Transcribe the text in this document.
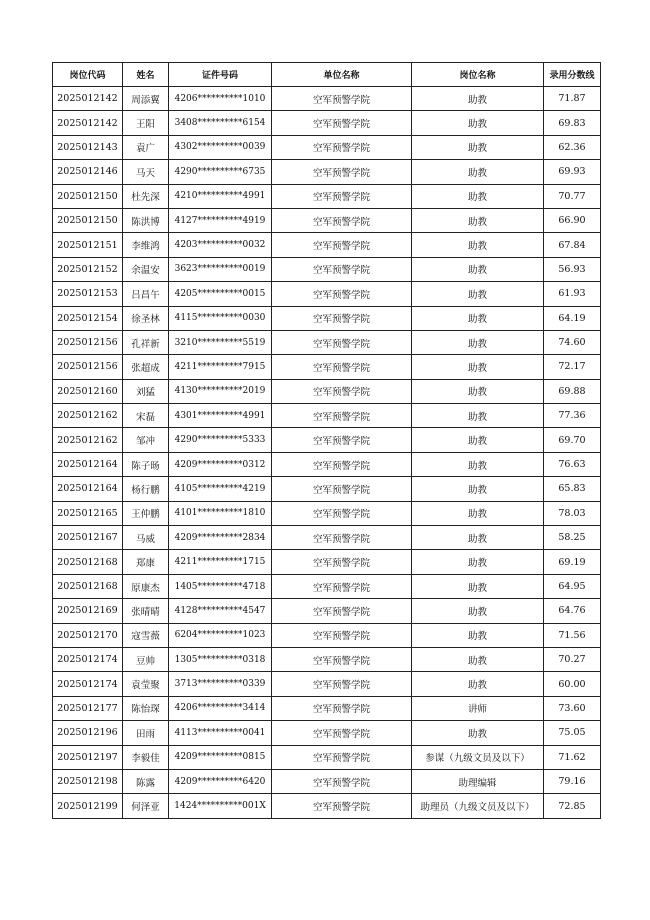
岗位代码	姓名	证件号码	单位名称	岗位名称	录用分数线
2025012142	周添翼	4206**********1010	空军预警学院	助教	71.87
2025012142	王阳	3408**********6154	空军预警学院	助教	69.83
2025012143	袁广	4302**********0039	空军预警学院	助教	62.36
2025012146	马天	4290**********6735	空军预警学院	助教	69.93
2025012150	杜先深	4210**********4991	空军预警学院	助教	70.77
2025012150	陈洪博	4127**********4919	空军预警学院	助教	66.90
2025012151	李维鸿	4203**********0032	空军预警学院	助教	67.84
2025012152	余温安	3623**********0019	空军预警学院	助教	56.93
2025012153	吕昌午	4205**********0015	空军预警学院	助教	61.93
2025012154	徐圣林	4115**********0030	空军预警学院	助教	64.19
2025012156	孔祥新	3210**********5519	空军预警学院	助教	74.60
2025012156	张超成	4211**********7915	空军预警学院	助教	72.17
2025012160	刘猛	4130**********2019	空军预警学院	助教	69.88
2025012162	宋磊	4301**********4991	空军预警学院	助教	77.36
2025012162	邹冲	4290**********5333	空军预警学院	助教	69.70
2025012164	陈子旸	4209**********0312	空军预警学院	助教	76.63
2025012164	杨行鹏	4105**********4219	空军预警学院	助教	65.83
2025012165	王仲鹏	4101**********1810	空军预警学院	助教	78.03
2025012167	马威	4209**********2834	空军预警学院	助教	58.25
2025012168	郑康	4211**********1715	空军预警学院	助教	69.19
2025012168	原康杰	1405**********4718	空军预警学院	助教	64.95
2025012169	张晴晴	4128**********4547	空军预警学院	助教	64.76
2025012170	寇雪薇	6204**********1023	空军预警学院	助教	71.56
2025012174	豆帅	1305**********0318	空军预警学院	助教	70.27
2025012174	袁莹聚	3713**********0339	空军预警学院	助教	60.00
2025012177	陈怡琛	4206**********3414	空军预警学院	讲师	73.60
2025012196	田雨	4113**********0041	空军预警学院	助教	75.05
2025012197	李毅佳	4209**********0815	空军预警学院	参谋（九级文员及以下）	71.62
2025012198	陈露	4209**********6420	空军预警学院	助理编辑	79.16
2025012199	何泽亚	1424**********001X	空军预警学院	助理员（九级文员及以下）	72.85
